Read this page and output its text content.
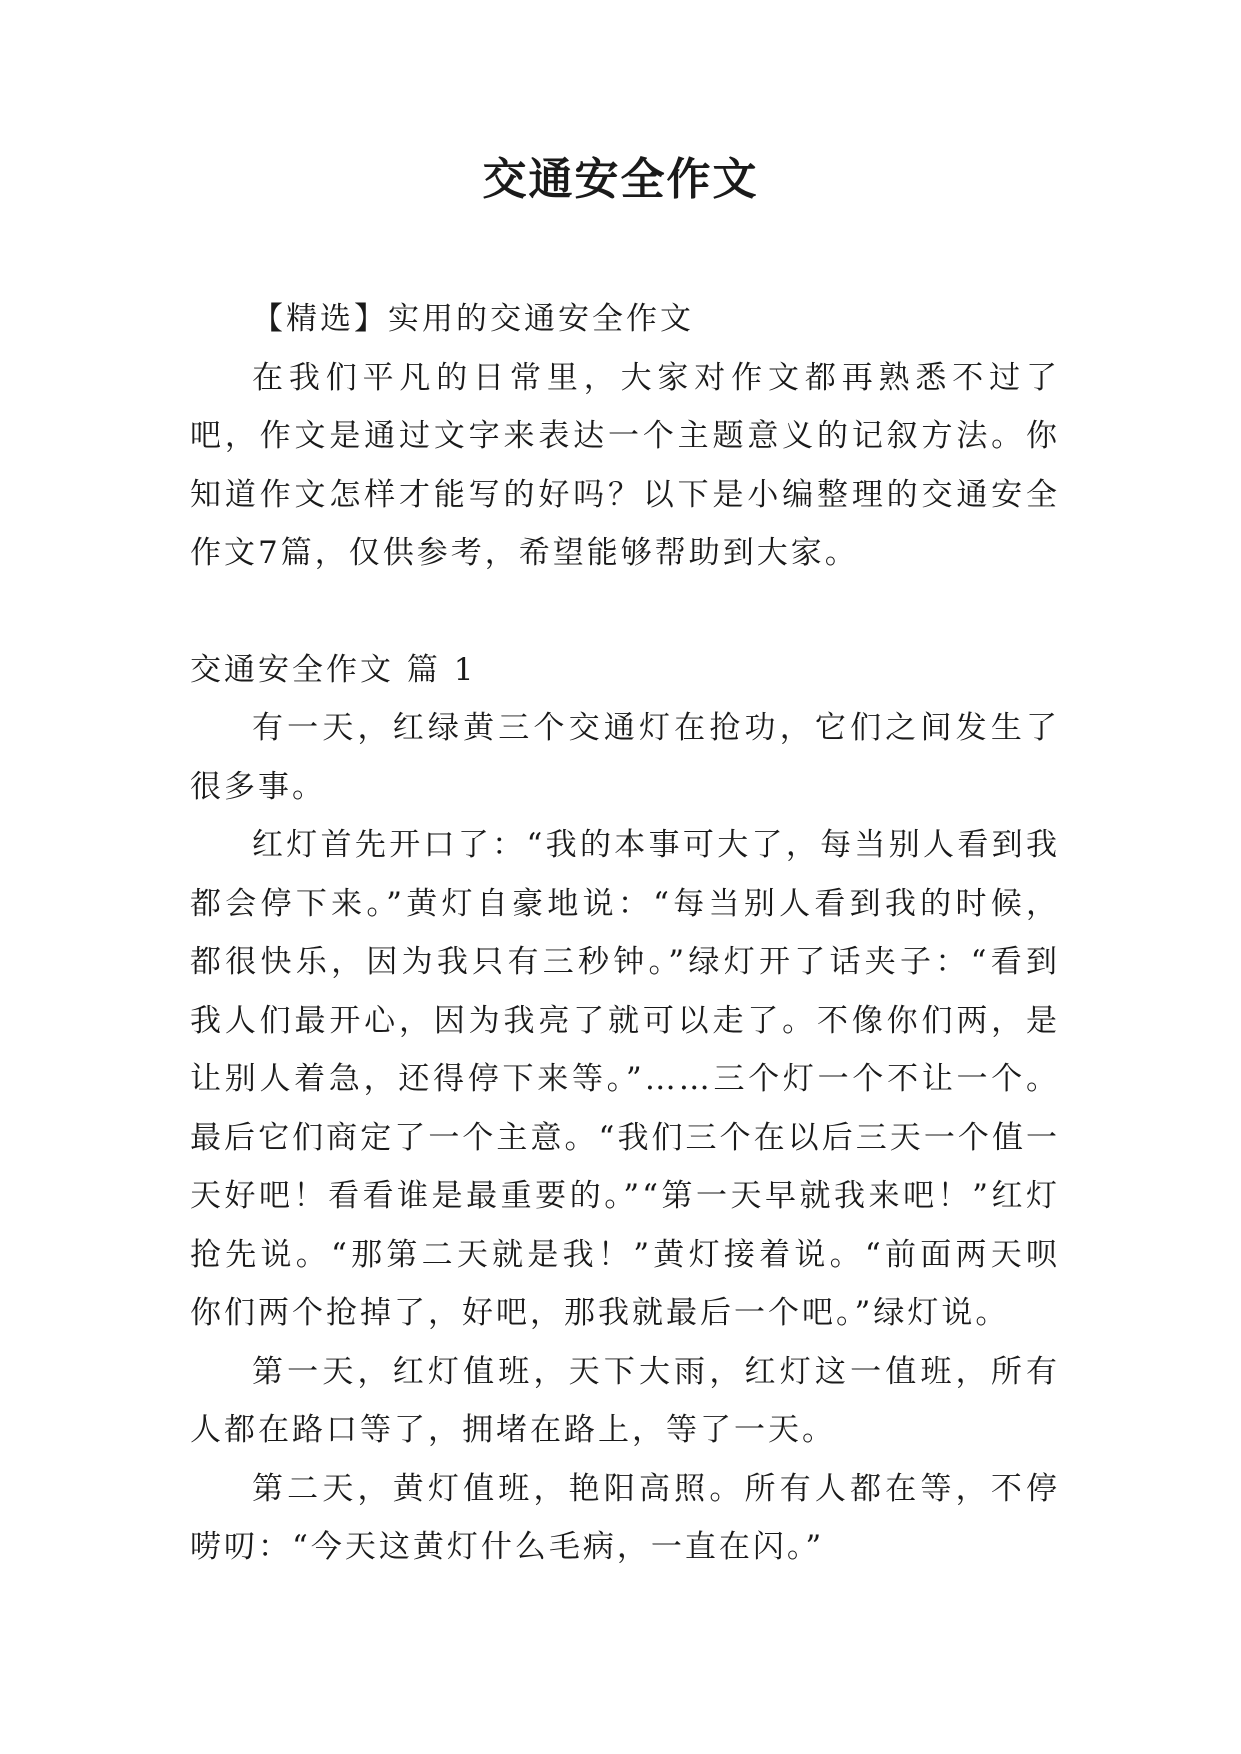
交通安全作文

【精选】实用的交通安全作文

在我们平凡的日常里，大家对作文都再熟悉不过了吧，作文是通过文字来表达一个主题意义的记叙方法。你知道作文怎样才能写的好吗？以下是小编整理的交通安全作文7篇，仅供参考，希望能够帮助到大家。

交通安全作文 篇 1

有一天，红绿黄三个交通灯在抢功，它们之间发生了很多事。

红灯首先开口了：“我的本事可大了，每当别人看到我都会停下来。”黄灯自豪地说：“每当别人看到我的时候，都很快乐，因为我只有三秒钟。”绿灯开了话夹子：“看到我人们最开心，因为我亮了就可以走了。不像你们两，是让别人着急，还得停下来等。”……三个灯一个不让一个。最后它们商定了一个主意。“我们三个在以后三天一个值一天好吧！看看谁是最重要的。”“第一天早就我来吧！”红灯抢先说。“那第二天就是我！”黄灯接着说。“前面两天呗你们两个抢掉了，好吧，那我就最后一个吧。”绿灯说。

第一天，红灯值班，天下大雨，红灯这一值班，所有人都在路口等了，拥堵在路上，等了一天。

第二天，黄灯值班，艳阳高照。所有人都在等，不停唠叨：“今天这黄灯什么毛病，一直在闪。”
